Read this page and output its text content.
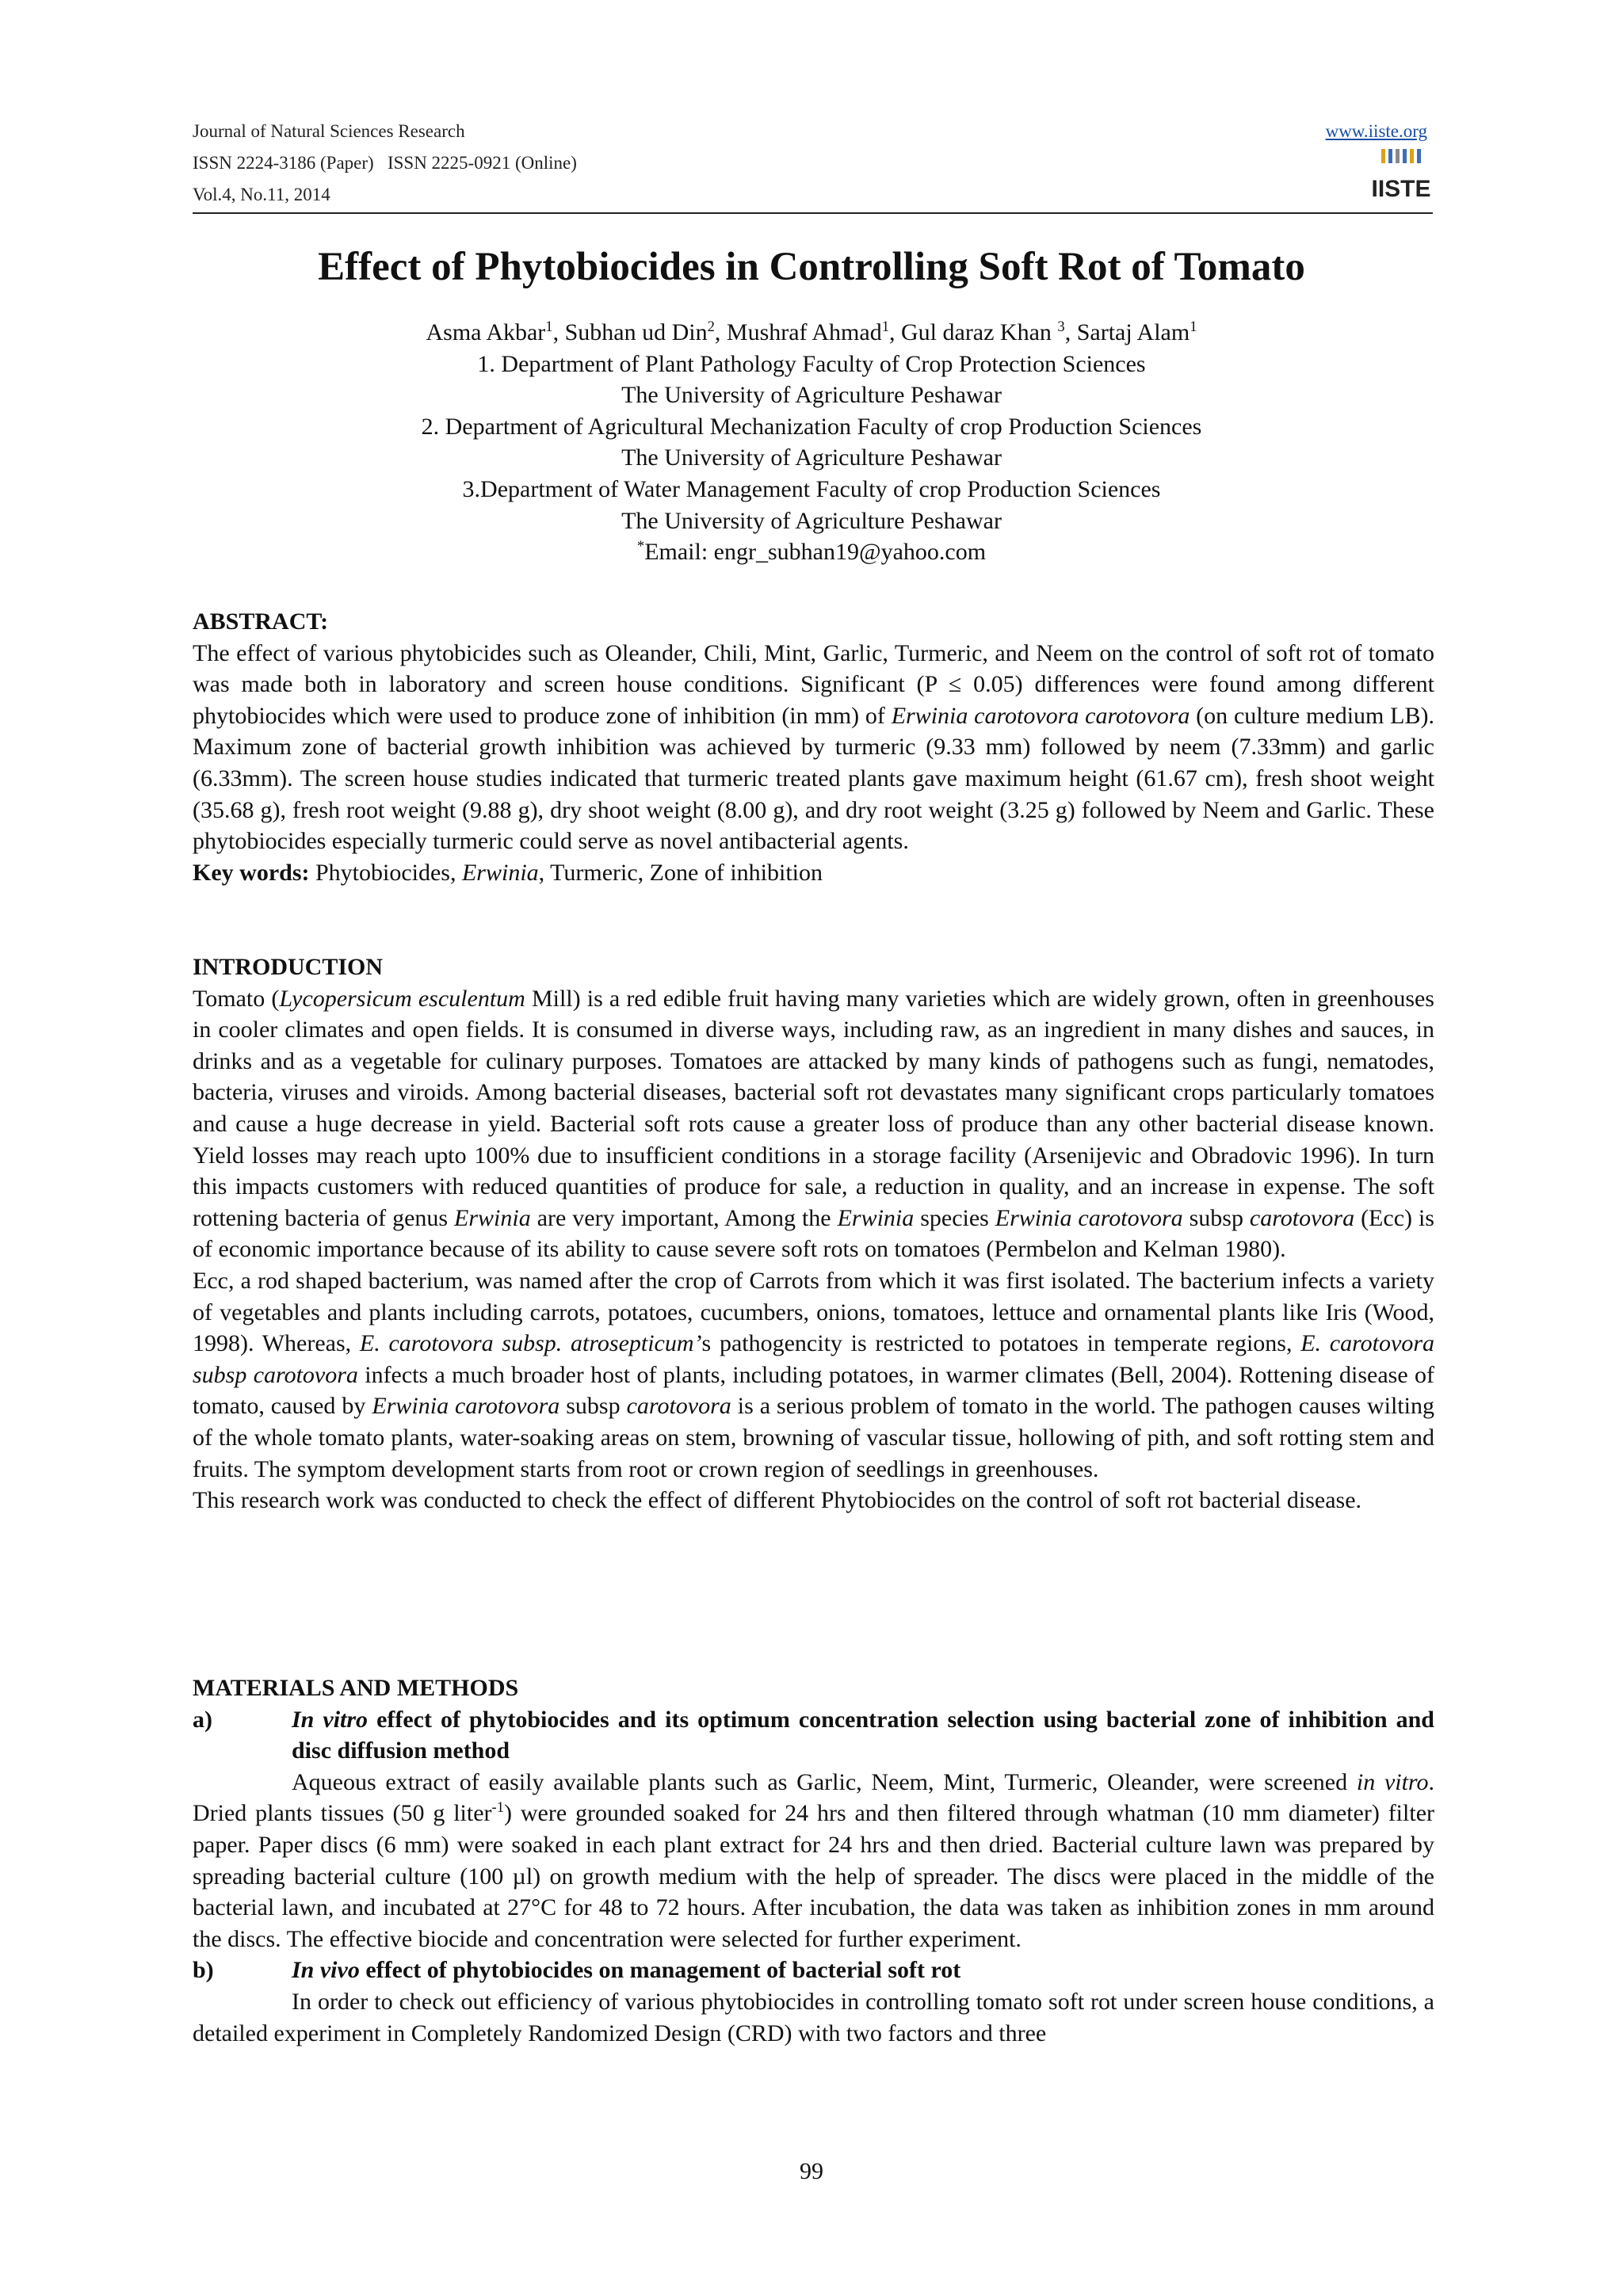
Journal of Natural Sciences Research
ISSN 2224-3186 (Paper)   ISSN 2225-0921 (Online)
Vol.4, No.11, 2014
www.iiste.org
IISTE
Effect of Phytobiocides in Controlling Soft Rot of Tomato
Asma Akbar$^1$, Subhan ud Din$^2$, Mushraf Ahmad$^1$, Gul daraz Khan $^3$, Sartaj Alam$^1$
1. Department of Plant Pathology Faculty of Crop Protection Sciences
The University of Agriculture Peshawar
2. Department of Agricultural Mechanization Faculty of crop Production Sciences
The University of Agriculture Peshawar
3.Department of Water Management Faculty of crop Production Sciences
The University of Agriculture Peshawar
*Email: engr_subhan19@yahoo.com

ABSTRACT:

The effect of various phytobicides such as Oleander, Chili, Mint, Garlic, Turmeric, and Neem on the control of soft rot of tomato was made both in laboratory and screen house conditions. Significant (P ≤ 0.05) differences were found among different phytobiocides which were used to produce zone of inhibition (in mm) of Erwinia carotovora carotovora (on culture medium LB). Maximum zone of bacterial growth inhibition was achieved by turmeric (9.33 mm) followed by neem (7.33mm) and garlic (6.33mm). The screen house studies indicated that turmeric treated plants gave maximum height (61.67 cm), fresh shoot weight (35.68 g), fresh root weight (9.88 g), dry shoot weight (8.00 g), and dry root weight (3.25 g) followed by Neem and Garlic. These phytobiocides especially turmeric could serve as novel antibacterial agents.

Key words: Phytobiocides, Erwinia, Turmeric, Zone of inhibition

INTRODUCTION

Tomato (Lycopersicum esculentum Mill) is a red edible fruit having many varieties which are widely grown, often in greenhouses in cooler climates and open fields. It is consumed in diverse ways, including raw, as an ingredient in many dishes and sauces, in drinks and as a vegetable for culinary purposes. Tomatoes are attacked by many kinds of pathogens such as fungi, nematodes, bacteria, viruses and viroids. Among bacterial diseases, bacterial soft rot devastates many significant crops particularly tomatoes and cause a huge decrease in yield. Bacterial soft rots cause a greater loss of produce than any other bacterial disease known. Yield losses may reach upto 100% due to insufficient conditions in a storage facility (Arsenijevic and Obradovic 1996). In turn this impacts customers with reduced quantities of produce for sale, a reduction in quality, and an increase in expense. The soft rottening bacteria of genus Erwinia are very important, Among the Erwinia species Erwinia carotovora subsp carotovora (Ecc) is of economic importance because of its ability to cause severe soft rots on tomatoes (Permbelon and Kelman 1980).

Ecc, a rod shaped bacterium, was named after the crop of Carrots from which it was first isolated. The bacterium infects a variety of vegetables and plants including carrots, potatoes, cucumbers, onions, tomatoes, lettuce and ornamental plants like Iris (Wood, 1998). Whereas, E. carotovora subsp. atrosepticum’s pathogencity is restricted to potatoes in temperate regions, E. carotovora subsp carotovora infects a much broader host of plants, including potatoes, in warmer climates (Bell, 2004). Rottening disease of tomato, caused by Erwinia carotovora subsp carotovora is a serious problem of tomato in the world. The pathogen causes wilting of the whole tomato plants, water-soaking areas on stem, browning of vascular tissue, hollowing of pith, and soft rotting stem and fruits. The symptom development starts from root or crown region of seedlings in greenhouses.

This research work was conducted to check the effect of different Phytobiocides on the control of soft rot bacterial disease.

MATERIALS AND METHODS

a)	In vitro effect of phytobiocides and its optimum concentration selection using bacterial zone of inhibition and disc diffusion method

Aqueous extract of easily available plants such as Garlic, Neem, Mint, Turmeric, Oleander, were screened in vitro. Dried plants tissues (50 g liter$^{-1}$) were grounded soaked for 24 hrs and then filtered through whatman (10 mm diameter) filter paper. Paper discs (6 mm) were soaked in each plant extract for 24 hrs and then dried. Bacterial culture lawn was prepared by spreading bacterial culture (100 µl) on growth medium with the help of spreader. The discs were placed in the middle of the bacterial lawn, and incubated at 27°C for 48 to 72 hours. After incubation, the data was taken as inhibition zones in mm around the discs. The effective biocide and concentration were selected for further experiment.

b)	In vivo effect of phytobiocides on management of bacterial soft rot

In order to check out efficiency of various phytobiocides in controlling tomato soft rot under screen house conditions, a detailed experiment in Completely Randomized Design (CRD) with two factors and three

99
